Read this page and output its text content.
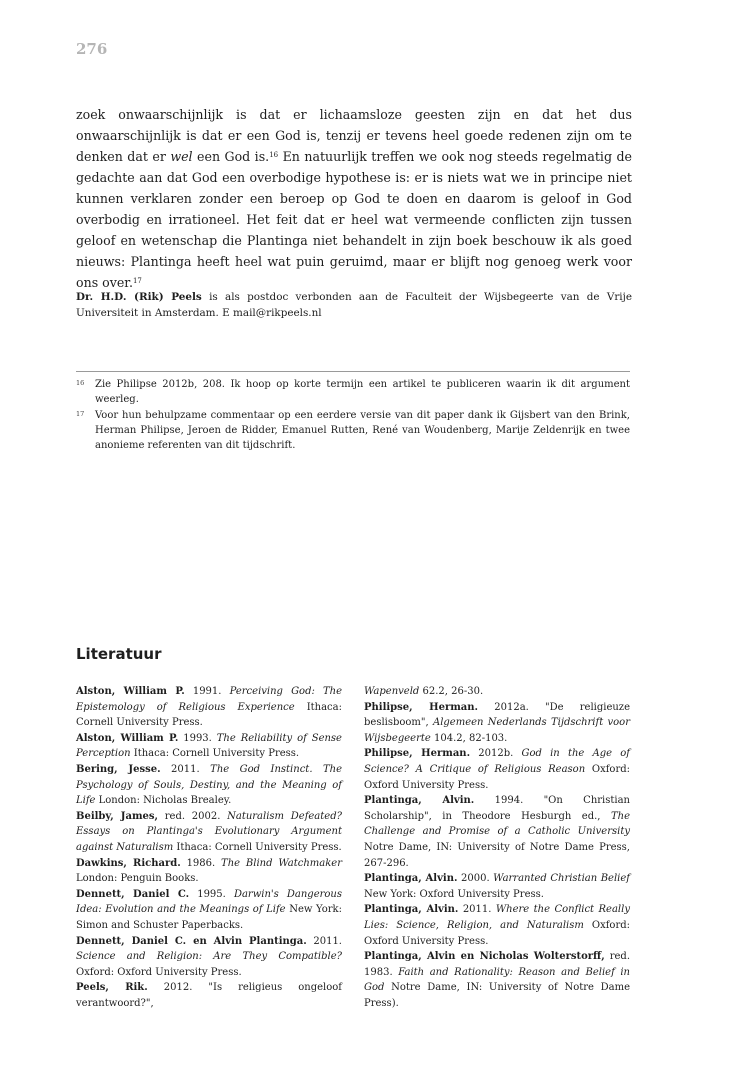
276

zoek onwaarschijnlijk is dat er lichaamsloze geesten zijn en dat het dus onwaarschijnlijk is dat er een God is, tenzij er tevens heel goede redenen zijn om te denken dat er wel een God is.$^{16}$ En natuurlijk treffen we ook nog steeds regelmatig de gedachte aan dat God een overbodige hypothese is: er is niets wat we in principe niet kunnen verklaren zonder een beroep op God te doen en daarom is geloof in God overbodig en irrationeel. Het feit dat er heel wat vermeende conflicten zijn tussen geloof en wetenschap die Plantinga niet behandelt in zijn boek beschouw ik als goed nieuws: Plantinga heeft heel wat puin geruimd, maar er blijft nog genoeg werk voor ons over.$^{17}$

Dr. H.D. (Rik) Peels is als postdoc verbonden aan de Faculteit der Wijsbegeerte van de Vrije Universiteit in Amsterdam. E mail@rikpeels.nl

16	Zie Philipse 2012b, 208. Ik hoop op korte termijn een artikel te publiceren waarin ik dit argument weerleg.
17	Voor hun behulpzame commentaar op een eerdere versie van dit paper dank ik Gijsbert van den Brink, Herman Philipse, Jeroen de Ridder, Emanuel Rutten, René van Woudenberg, Marije Zeldenrijk en twee anonieme referenten van dit tijdschrift.
Literatuur

Alston, William P. 1991. Perceiving God: The Epistemology of Religious Experience Ithaca: Cornell University Press.

Alston, William P. 1993. The Reliability of Sense Perception Ithaca: Cornell University Press.

Bering, Jesse. 2011. The God Instinct. The Psychology of Souls, Destiny, and the Meaning of Life London: Nicholas Brealey.

Beilby, James, red. 2002. Naturalism Defeated? Essays on Plantinga's Evolutionary Argument against Naturalism Ithaca: Cornell University Press.

Dawkins, Richard. 1986. The Blind Watchmaker London: Penguin Books.

Dennett, Daniel C. 1995. Darwin's Dangerous Idea: Evolution and the Meanings of Life New York: Simon and Schuster Paperbacks.

Dennett, Daniel C. en Alvin Plantinga. 2011. Science and Religion: Are They Compatible? Oxford: Oxford University Press.

Peels, Rik. 2012. "Is religieus ongeloof verantwoord?",

Wapenveld 62.2, 26-30.

Philipse, Herman. 2012a. "De religieuze beslisboom", Algemeen Nederlands Tijdschrift voor Wijsbegeerte 104.2, 82-103.

Philipse, Herman. 2012b. God in the Age of Science? A Critique of Religious Reason Oxford: Oxford University Press.

Plantinga, Alvin. 1994. "On Christian Scholarship", in Theodore Hesburgh ed., The Challenge and Promise of a Catholic University Notre Dame, IN: University of Notre Dame Press, 267-296.

Plantinga, Alvin. 2000. Warranted Christian Belief New York: Oxford University Press.

Plantinga, Alvin. 2011. Where the Conflict Really Lies: Science, Religion, and Naturalism Oxford: Oxford University Press.

Plantinga, Alvin en Nicholas Wolterstorff, red. 1983. Faith and Rationality: Reason and Belief in God Notre Dame, IN: University of Notre Dame Press).
